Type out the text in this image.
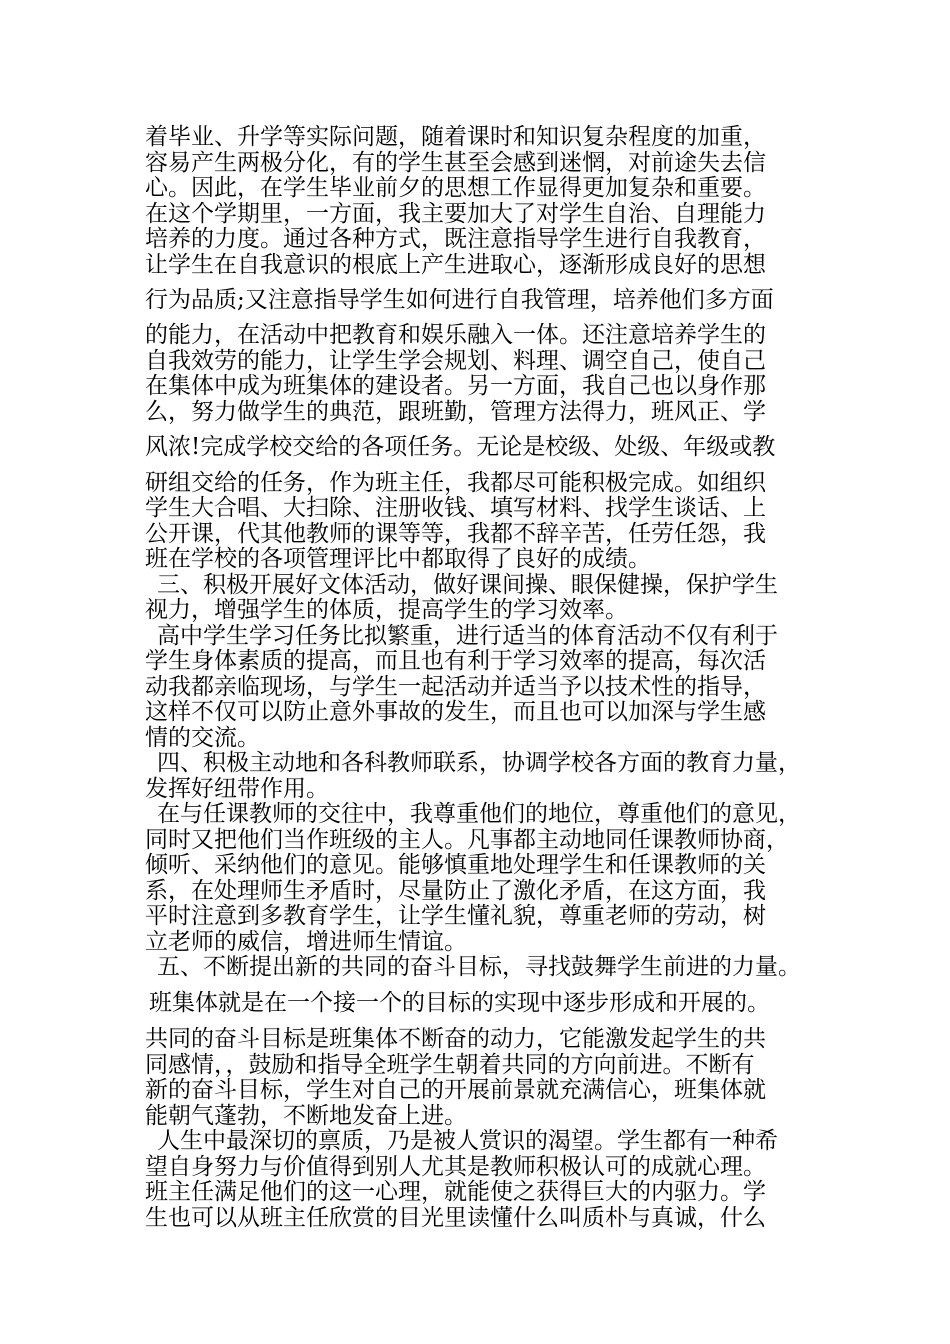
着毕业、升学等实际问题，随着课时和知识复杂程度的加重，
容易产生两极分化，有的学生甚至会感到迷惘，对前途失去信
心。因此，在学生毕业前夕的思想工作显得更加复杂和重要。
在这个学期里，一方面，我主要加大了对学生自治、自理能力
培养的力度。通过各种方式，既注意指导学生进行自我教育，
让学生在自我意识的根底上产生进取心，逐渐形成良好的思想
行为品质;又注意指导学生如何进行自我管理，培养他们多方面
的能力，在活动中把教育和娱乐融入一体。还注意培养学生的
自我效劳的能力，让学生学会规划、料理、调空自己，使自己
在集体中成为班集体的建设者。另一方面，我自己也以身作那
么，努力做学生的典范，跟班勤，管理方法得力，班风正、学
风浓!完成学校交给的各项任务。无论是校级、处级、年级或教
研组交给的任务，作为班主任，我都尽可能积极完成。如组织
学生大合唱、大扫除、注册收钱、填写材料、找学生谈话、上
公开课，代其他教师的课等等，我都不辞辛苦，任劳任怨，我
班在学校的各项管理评比中都取得了良好的成绩。
三、积极开展好文体活动，做好课间操、眼保健操，保护学生
视力，增强学生的体质，提高学生的学习效率。
高中学生学习任务比拟繁重，进行适当的体育活动不仅有利于
学生身体素质的提高，而且也有利于学习效率的提高，每次活
动我都亲临现场，与学生一起活动并适当予以技术性的指导，
这样不仅可以防止意外事故的发生，而且也可以加深与学生感
情的交流。
四、积极主动地和各科教师联系，协调学校各方面的教育力量，
发挥好纽带作用。
在与任课教师的交往中，我尊重他们的地位，尊重他们的意见，
同时又把他们当作班级的主人。凡事都主动地同任课教师协商，
倾听、采纳他们的意见。能够慎重地处理学生和任课教师的关
系，在处理师生矛盾时，尽量防止了激化矛盾，在这方面，我
平时注意到多教育学生，让学生懂礼貌，尊重老师的劳动，树
立老师的威信，增进师生情谊。
五、不断提出新的共同的奋斗目标，寻找鼓舞学生前进的力量。
班集体就是在一个接一个的目标的实现中逐步形成和开展的。
共同的奋斗目标是班集体不断奋的动力，它能激发起学生的共
同感情，，鼓励和指导全班学生朝着共同的方向前进。不断有
新的奋斗目标，学生对自己的开展前景就充满信心，班集体就
能朝气蓬勃，不断地发奋上进。
人生中最深切的禀质，乃是被人赏识的渴望。学生都有一种希
望自身努力与价值得到别人尤其是教师积极认可的成就心理。
班主任满足他们的这一心理，就能使之获得巨大的内驱力。学
生也可以从班主任欣赏的目光里读懂什么叫质朴与真诚，什么
